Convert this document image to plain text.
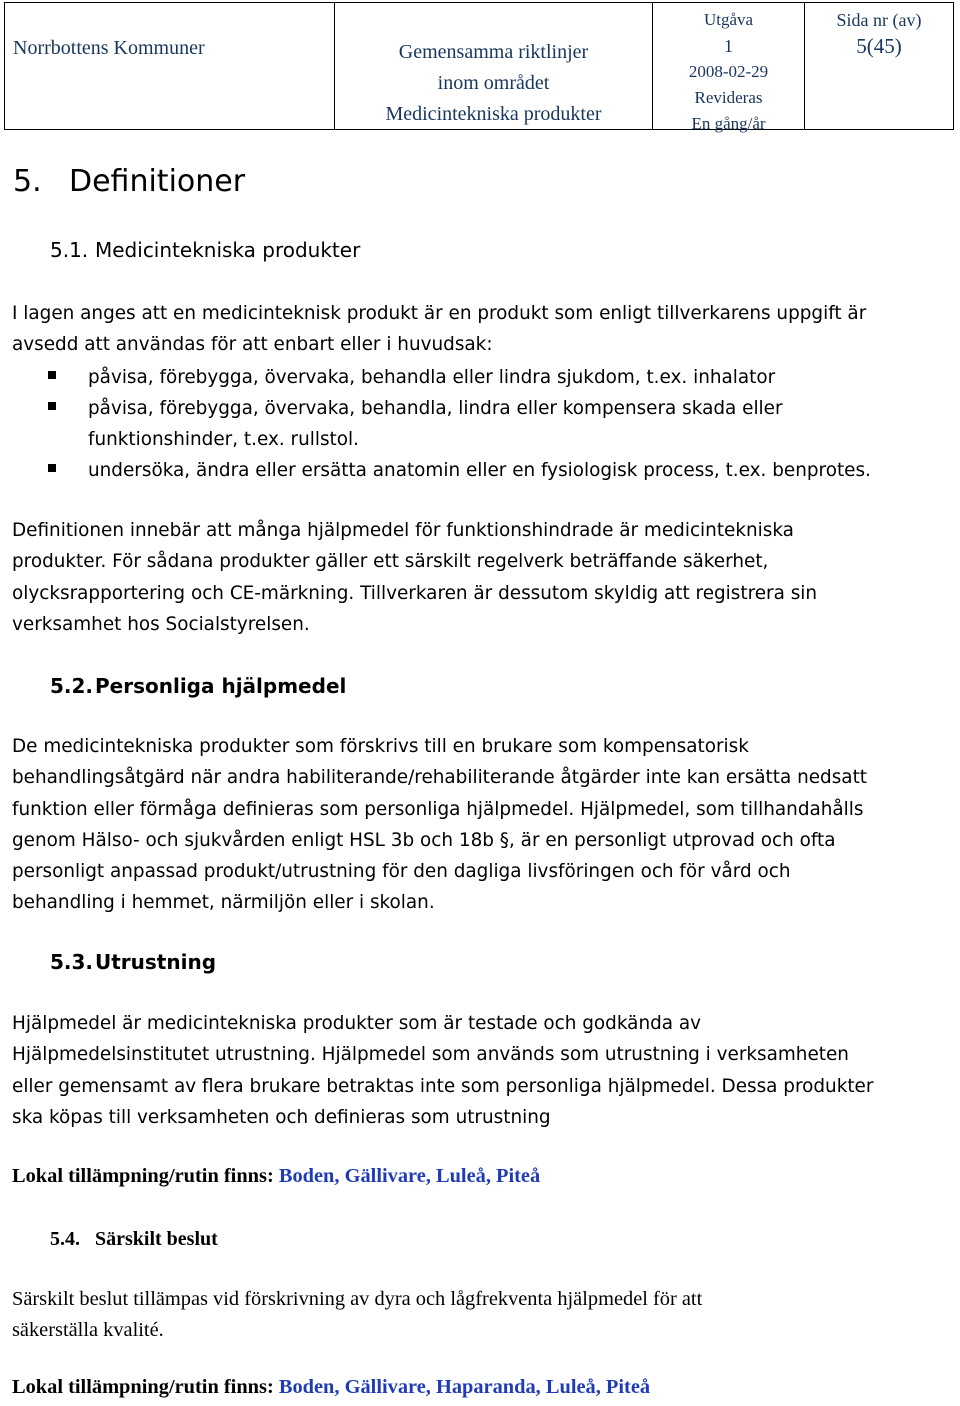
Norrbottens Kommuner	Gemensamma riktlinjer
inom området
Medicintekniska produkter
Utgåva
1
2008-02-29
Revideras
En gång/år
Sida nr (av)
5(45)
5. Definitioner
5.1. Medicintekniska produkter
I lagen anges att en medicinteknisk produkt är en produkt som enligt tillverkarens uppgift är
avsedd att användas för att enbart eller i huvudsak:
påvisa, förebygga, övervaka, behandla eller lindra sjukdom, t.ex. inhalator
påvisa, förebygga, övervaka, behandla, lindra eller kompensera skada eller funktionshinder, t.ex. rullstol.
undersöka, ändra eller ersätta anatomin eller en fysiologisk process, t.ex. benprotes.
Definitionen innebär att många hjälpmedel för funktionshindrade är medicintekniska
produkter. För sådana produkter gäller ett särskilt regelverk beträffande säkerhet,
olycksrapportering och CE-märkning. Tillverkaren är dessutom skyldig att registrera sin
verksamhet hos Socialstyrelsen.
5.2.Personliga hjälpmedel
De medicintekniska produkter som förskrivs till en brukare som kompensatorisk
behandlingsåtgärd när andra habiliterande/rehabiliterande åtgärder inte kan ersätta nedsatt
funktion eller förmåga definieras som personliga hjälpmedel. Hjälpmedel, som tillhandahålls
genom Hälso- och sjukvården enligt HSL 3b och 18b §, är en personligt utprovad och ofta
personligt anpassad produkt/utrustning för den dagliga livsföringen och för vård och
behandling i hemmet, närmiljön eller i skolan.
5.3.Utrustning
Hjälpmedel är medicintekniska produkter som är testade och godkända av
Hjälpmedelsinstitutet utrustning. Hjälpmedel som används som utrustning i verksamheten
eller gemensamt av flera brukare betraktas inte som personliga hjälpmedel. Dessa produkter
ska köpas till verksamheten och definieras som utrustning
Lokal tillämpning/rutin finns: Boden, Gällivare, Luleå, Piteå
5.4. Särskilt beslut
Särskilt beslut tillämpas vid förskrivning av dyra och lågfrekventa hjälpmedel för att
säkerställa kvalité.
Lokal tillämpning/rutin finns: Boden, Gällivare, Haparanda, Luleå, Piteå
